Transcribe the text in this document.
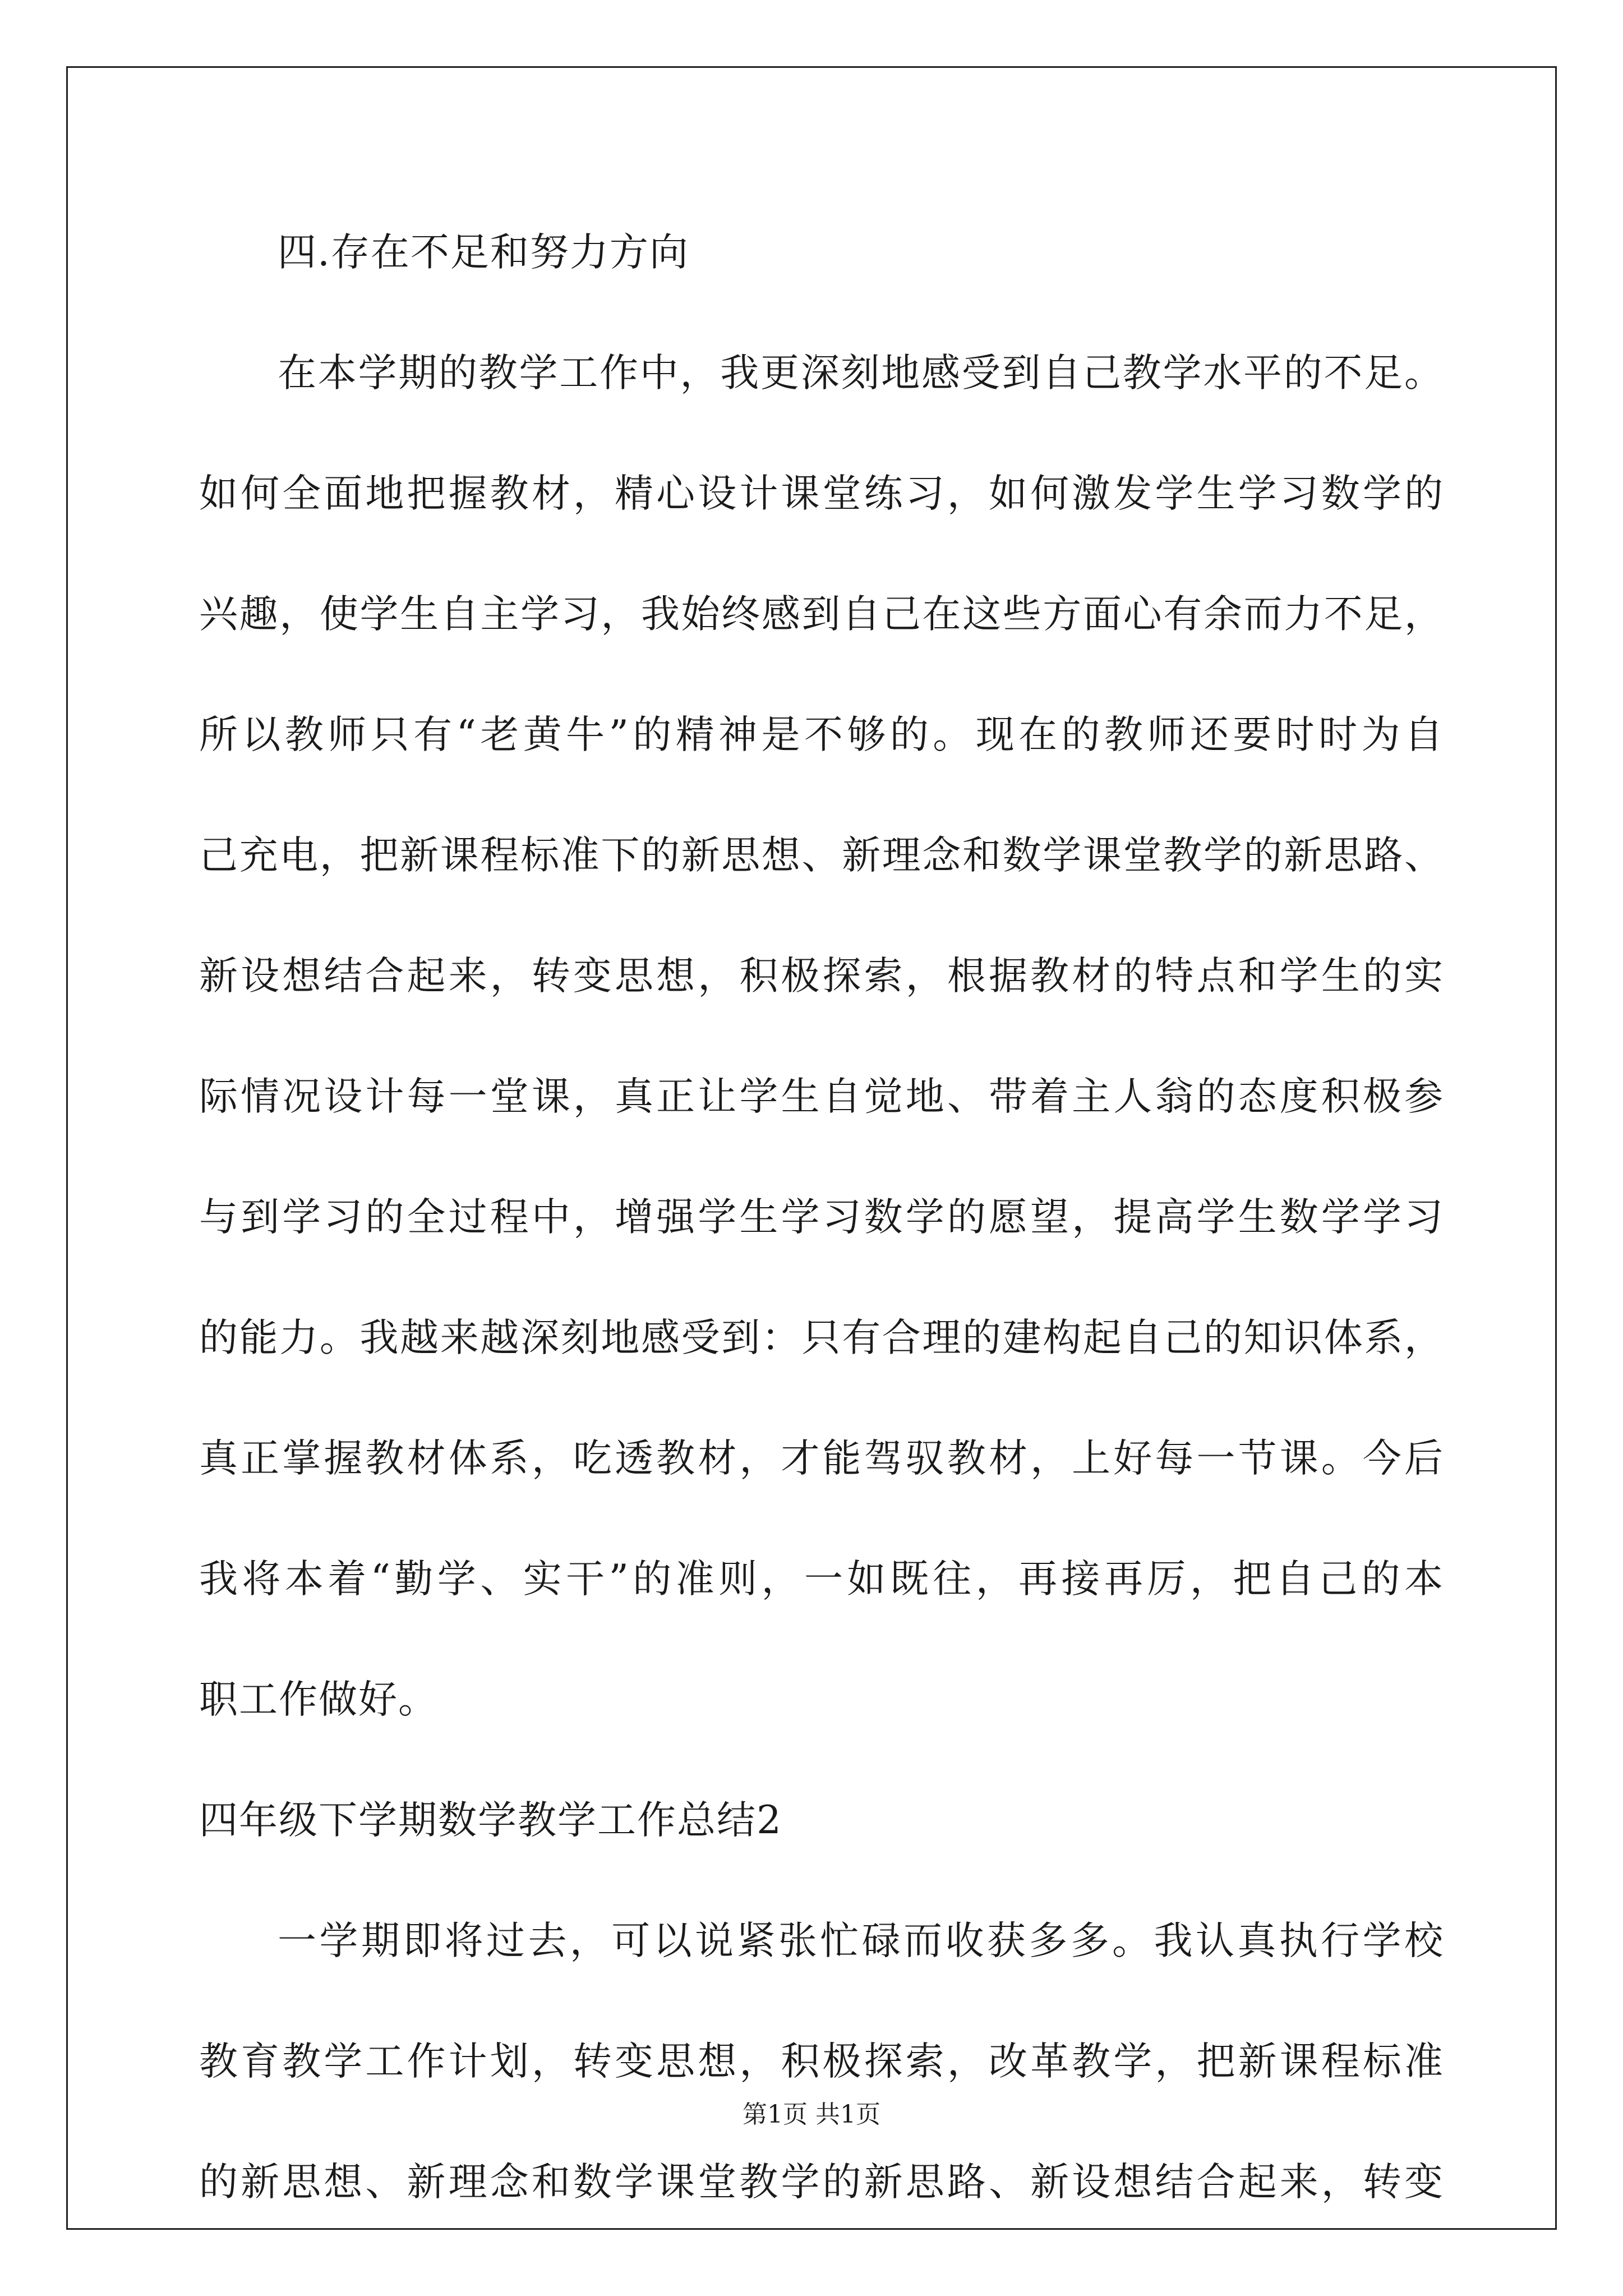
四.存在不足和努力方向
在本学期的教学工作中，我更深刻地感受到自己教学水平的不足。
如何全面地把握教材，精心设计课堂练习，如何激发学生学习数学的
兴趣，使学生自主学习，我始终感到自己在这些方面心有余而力不足，
所以教师只有“老黄牛”的精神是不够的。现在的教师还要时时为自
己充电，把新课程标准下的新思想、新理念和数学课堂教学的新思路、
新设想结合起来，转变思想，积极探索，根据教材的特点和学生的实
际情况设计每一堂课，真正让学生自觉地、带着主人翁的态度积极参
与到学习的全过程中，增强学生学习数学的愿望，提高学生数学学习
的能力。我越来越深刻地感受到：只有合理的建构起自己的知识体系，
真正掌握教材体系，吃透教材，才能驾驭教材，上好每一节课。今后
我将本着“勤学、实干”的准则，一如既往，再接再厉，把自己的本
职工作做好。
四年级下学期数学教学工作总结2
一学期即将过去，可以说紧张忙碌而收获多多。我认真执行学校
教育教学工作计划，转变思想，积极探索，改革教学，把新课程标准
的新思想、新理念和数学课堂教学的新思路、新设想结合起来，转变
第1页 共1页
